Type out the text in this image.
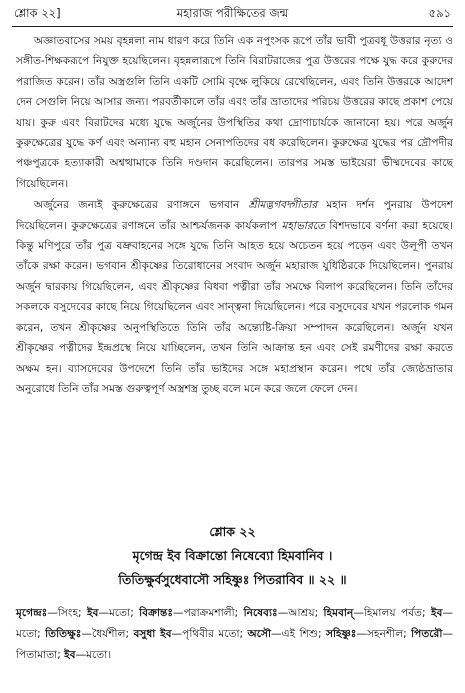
শ্লোক ২২]	মহারাজ পরীক্ষিতের জন্ম	৫৯১

অজ্ঞাতবাসের সময় বৃহন্নলা নাম ধারণ করে তিনি এক নপুংসক রূপে তাঁর ভাবী পুত্রবধূ উত্তরার নৃত্য ও সঙ্গীত-শিক্ষকরূপে নিযুক্ত হয়েছিলেন। বৃহন্নলারূপে তিনি বিরাটরাজের পুত্র উত্তরের পক্ষে যুদ্ধ করে কুরুদের পরাজিত করেন। তাঁর অস্ত্রগুলি তিনি একটি সোমি বৃক্ষে লুকিয়ে রেখেছিলেন, এবং তিনি উত্তরকে আদেশ দেন সেগুলি নিয়ে আসার জন্য। পরবর্তীকালে তাঁর এবং তাঁর ভ্রাতাদের পরিচয় উত্তরের কাছে প্রকাশ পেয়ে যায়। কুরু এবং বিরাটদের মধ্যে যুদ্ধে অর্জুনের উপস্থিতির কথা দ্রোণাচার্যকে জানানো হয়। পরে অর্জুন কুরুক্ষেত্রের যুদ্ধে কর্ণ এবং অন্যান্য বহু মহান সেনাপতিদের বধ করেছিলেন। কুরুক্ষেত্র যুদ্ধের পর দ্রৌপদীর পঞ্চপুত্রকে হত্যাকারী অশ্বত্থামাকে তিনি দণ্ডদান করেছিলেন। তারপর সমস্ত ভাইয়েরা ভীষ্মদেবের কাছে গিয়েছিলেন।

অর্জুনের জন্যই কুরুক্ষেত্রের রণাঙ্গনে ভগবান শ্রীমদ্ভগবদ্গীতার মহান দর্শন পুনরায় উপদেশ দিয়েছিলেন। কুরুক্ষেত্রের রণাঙ্গনে তাঁর আশ্চর্যজনক কার্যকলাপ মহাভারতে বিশদভাবে বর্ণনা করা হয়েছে। কিন্তু মণিপুরে তাঁর পুত্র বভ্রুবাহনের সঙ্গে যুদ্ধে তিনি আহত হয়ে অচেতন হয়ে পড়েন এবং উলূপী তখন তাঁকে রক্ষা করেন। ভগবান শ্রীকৃষ্ণের তিরোধানের সংবাদ অর্জুন মহারাজ যুধিষ্ঠিরকে দিয়েছিলেন। পুনরায় অর্জুন দ্বারকায় গিয়েছিলেন, এবং শ্রীকৃষ্ণের বিধবা পত্নীরা তাঁর সমক্ষে বিলাপ করেছিলেন। তিনি তাঁদের সকলকে বসুদেবের কাছে নিয়ে গিয়েছিলেন এবং সান্ত্বনা দিয়েছিলেন। পরে বসুদেবের যখন পরলোক গমন করেন, তখন শ্রীকৃষ্ণের অনুপস্থিতিতে তিনি তাঁর অন্ত্যেষ্টি-ক্রিয়া সম্পাদন করেছিলেন। অর্জুন যখন শ্রীকৃষ্ণের পত্নীদের ইন্দ্রপ্রস্থে নিয়ে যাচ্ছিলেন, তখন তিনি আক্রান্ত হন এবং সেই রমণীদের রক্ষা করতে অক্ষম হন। ব্যাসদেবের উপদেশে তিনি তাঁর ভাইদের সঙ্গে মহাপ্রস্থান করেন। পথে তাঁর জ্যেষ্ঠভ্রাতার অনুরোধে তিনি তাঁর সমস্ত গুরুত্বপূর্ণ অস্ত্রশস্ত্র তুচ্ছ বলে মনে করে জলে ফেলে দেন।

শ্লোক ২২
মৃগেন্দ্র ইব বিক্রান্তো নিষেব্যো হিমবানিব ।
তিতিক্ষুর্বসুধেবাসৌ সহিষ্ণুঃ পিতরাবিব ॥ ২২ ॥
মৃগেন্দ্রঃ—সিংহ; ইব—মতো; বিক্রান্তঃ—পরাক্রমশালী; নিষেব্যঃ—আশ্রয়; হিমবান্—হিমালয় পর্বত; ইব—মতো; তিতিক্ষুঃ—ধৈর্যশীল; বসুধা ইব—পৃথিবীর মতো; অসৌ—এই শিশু; সহিষ্ণুঃ—সহনশীল; পিতরৌ—পিতামাতা; ইব—মতো।
